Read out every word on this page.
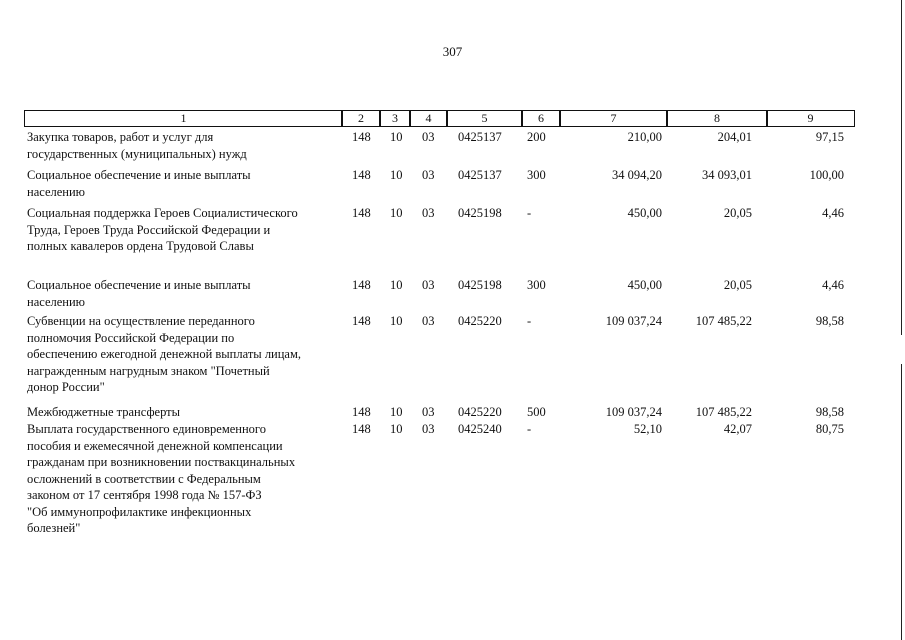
307
1	2	3	4	5	6	7	8	9
Закупка товаров, работ и услуг для
государственных (муниципальных) нужд
148 10	03	0425137	200	210,00	204,01	97,15
Социальное обеспечение и иные выплаты
населению
148 10	03	0425137	300	34 094,20	34 093,01	100,00
Социальная поддержка Героев Социалистического
Труда, Героев Труда Российской Федерации и
полных кавалеров ордена Трудовой Славы
148 10	03	0425198	-	450,00	20,05	4,46
Социальное обеспечение и иные выплаты
населению
148 10	03	0425198	300	450,00	20,05	4,46
Субвенции на осуществление переданного
полномочия Российской Федерации по
обеспечению ежегодной денежной выплаты лицам,
награжденным нагрудным знаком "Почетный
донор России"
148 10	03	0425220	-	109 037,24	107 485,22	98,58
Межбюджетные трансферты	148 10	03	0425220	500	109 037,24	107 485,22	98,58
Выплата государственного единовременного
пособия и ежемесячной денежной компенсации
гражданам при возникновении поствакцинальных
осложнений в соответствии с Федеральным
законом от 17 сентября 1998 года № 157-ФЗ
"Об иммунопрофилактике инфекционных
болезней"
148 10	03	0425240	-	52,10	42,07	80,75
